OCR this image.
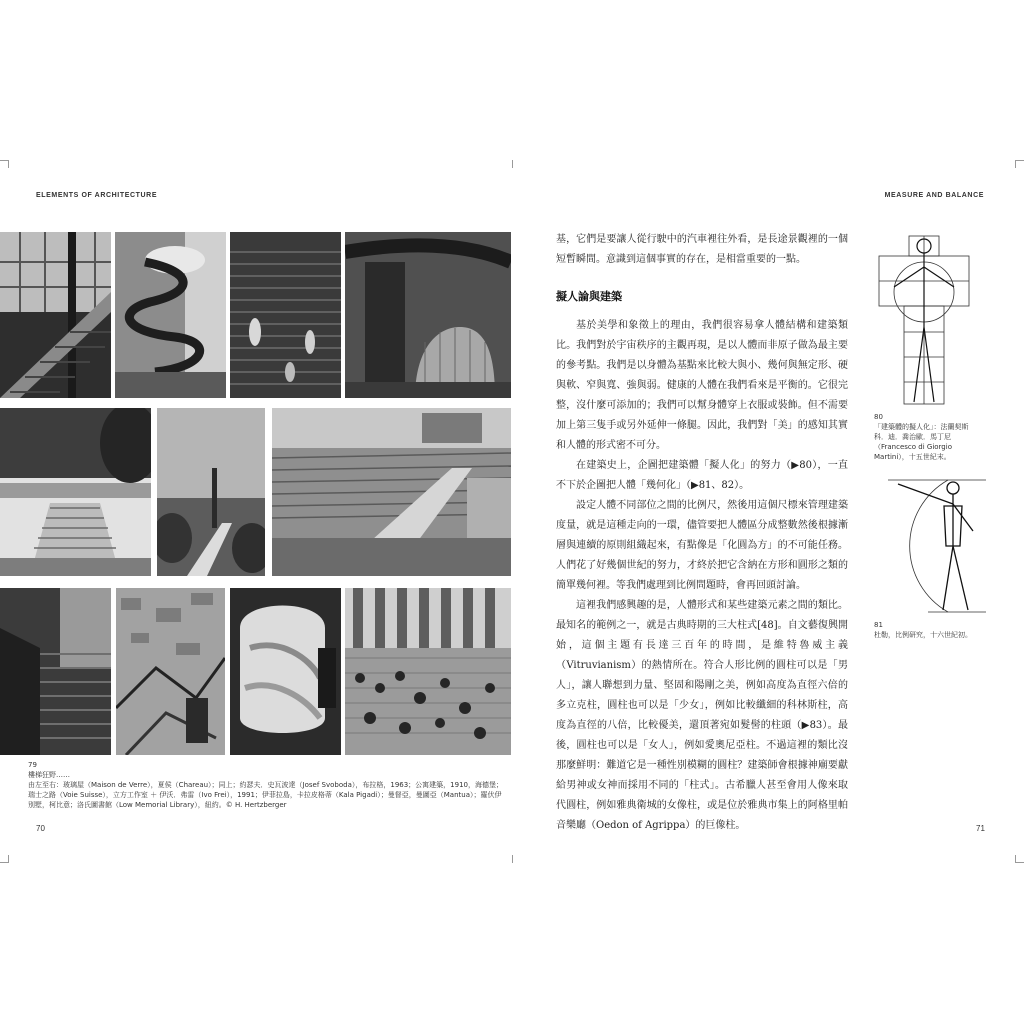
ELEMENTS OF ARCHITECTURE	MEASURE AND BALANCE
79
樓梯狂野……
由左至右：玻璃屋（Maison de Verre），夏侯（Chareau）；同上；約瑟夫．史瓦波達（Josef Svoboda），布拉格，1963；公寓建築，1910，海德堡；瑞士之路（Voie Suisse），立方工作室 ＋ 伊沃．弗雷（Ivo Frei），1991；伊菲拉島，卡拉皮格蒂（Kala Pigadi）；曼督亞，曼圖亞（Mantua）；羅伏伊別墅，柯比意；洛氏圖書館（Low Memorial Library），紐約。© H. Hertzberger
70	71

基，它們是要讓人從行駛中的汽車裡往外看，是長途景觀裡的一個短暫瞬間。意識到這個事實的存在，是相當重要的一點。

擬人論與建築

基於美學和象徵上的理由，我們很容易拿人體結構和建築類比。我們對於宇宙秩序的主觀再現，是以人體而非原子做為最主要的參考點。我們是以身體為基點來比較大與小、幾何與無定形、硬與軟、窄與寬、強與弱。健康的人體在我們看來是平衡的。它很完整，沒什麼可添加的；我們可以幫身體穿上衣服或裝飾。但不需要加上第三隻手或另外延伸一條腿。因此，我們對「美」的感知其實和人體的形式密不可分。

在建築史上，企圖把建築體「擬人化」的努力（▶80），一直不下於企圖把人體「幾何化」（▶81、82）。

設定人體不同部位之間的比例尺，然後用這個尺標來管理建築度量，就是這種走向的一環，儘管要把人體區分成整數然後根據漸層與連續的原則組織起來，有點像是「化圓為方」的不可能任務。人們花了好幾個世紀的努力，才終於把它含納在方形和圓形之類的簡單幾何裡。等我們處理到比例問題時，會再回頭討論。

這裡我們感興趣的是，人體形式和某些建築元素之間的類比。最知名的範例之一，就是古典時期的三大柱式[48]。自文藝復興開始，這個主題有長達三百年的時間，是維特魯威主義（Vitruvianism）的熱情所在。符合人形比例的圓柱可以是「男人」，讓人聯想到力量、堅固和陽剛之美，例如高度為直徑六倍的多立克柱，圓柱也可以是「少女」，例如比較纖細的科林斯柱，高度為直徑的八倍，比較優美，還頂著宛如髮髻的柱頭（▶83）。最後，圓柱也可以是「女人」，例如愛奧尼亞柱。不過這裡的類比沒那麼鮮明：難道它是一種性別模糊的圓柱？建築師會根據神廟要獻給男神或女神而採用不同的「柱式」。古希臘人甚至會用人像來取代圓柱，例如雅典衛城的女像柱，或是位於雅典市集上的阿格里帕音樂廳（Oedon of Agrippa）的巨像柱。

80
「建築體的擬人化」：法蘭契斯科．迪．喬治歐．馬丁尼（Francesco di Giorgio Martini），十五世紀末。
81
杜勒，比例研究，十六世紀初。
